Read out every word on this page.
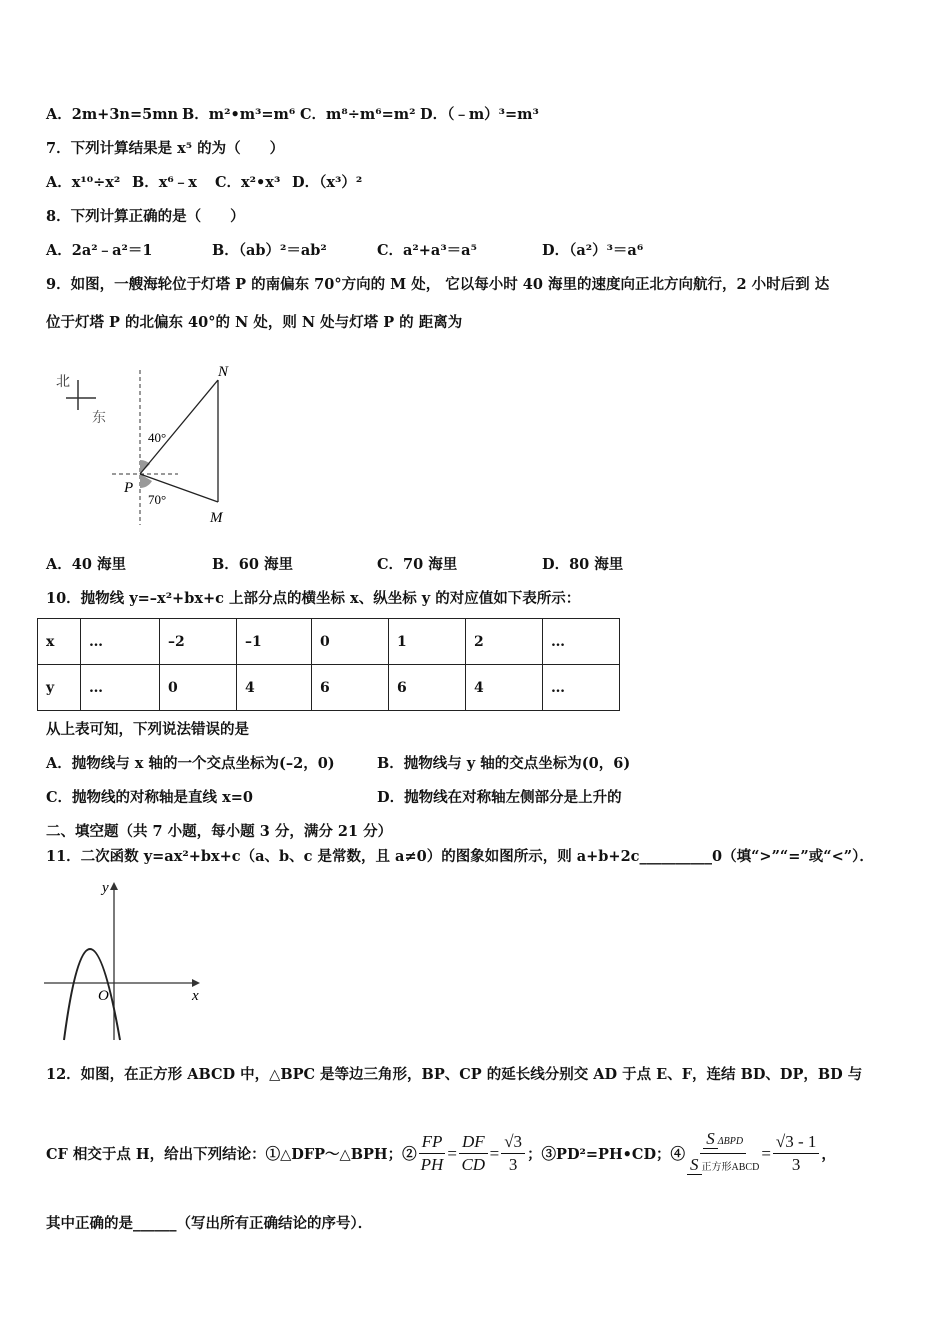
A．2m+3n=5mn B．m²•m³=m⁶ C．m⁸÷m⁶=m² D．（﹣m）³=m³
7．下列计算结果是 x⁵ 的为（　　）
A．x¹⁰÷x² B．x⁶﹣x C．x²•x³ D．（x³）²
8．下列计算正确的是（　　）
A．2a²﹣a²＝1	B．（ab）²＝ab²	C．a²+a³＝a⁵	D．（a²）³＝a⁶
9．如图，一艘海轮位于灯塔 P 的南偏东 70°方向的 M 处， 它以每小时 40 海里的速度向正北方向航行，2 小时后到 达
位于灯塔 P 的北偏东 40°的 N 处，则 N 处与灯塔 P 的 距离为
北
东
N
M
P
40°
70°
A．40 海里	B．60 海里	C．70 海里	D．80 海里
10．抛物线 y=–x²+bx+c 上部分点的横坐标 x、纵坐标 y 的对应值如下表所示：
x	…	–2	–1	0	1	2	…
y	…	0	4	6	6	4	…
从上表可知，下列说法错误的是
A．抛物线与 x 轴的一个交点坐标为(–2，0)	B．抛物线与 y 轴的交点坐标为(0，6)
C．抛物线的对称轴是直线 x=0	D．抛物线在对称轴左侧部分是上升的
二、填空题（共 7 小题，每小题 3 分，满分 21 分）
11．二次函数 y=ax²+bx+c（a、b、c 是常数，且 a≠0）的图象如图所示，则 a+b+2c__________0（填“>”“=”或“<”）．
y
x
O
12．如图，在正方形 ABCD 中，△BPC 是等边三角形，BP、CP 的延长线分别交 AD 于点 E、F，连结 BD、DP，BD 与
CF 相交于点 H，给出下列结论：①△DFP～△BPH；② $\frac{FP}{PH} = \frac{DF}{CD} = \frac{√3}{3}$ ；③PD²=PH•CD；④ $\frac{\text{S ΔBPD}}{\text{S 正方形ABCD}} = \frac{√3 - 1}{3}$ ，
其中正确的是______（写出所有正确结论的序号）．
